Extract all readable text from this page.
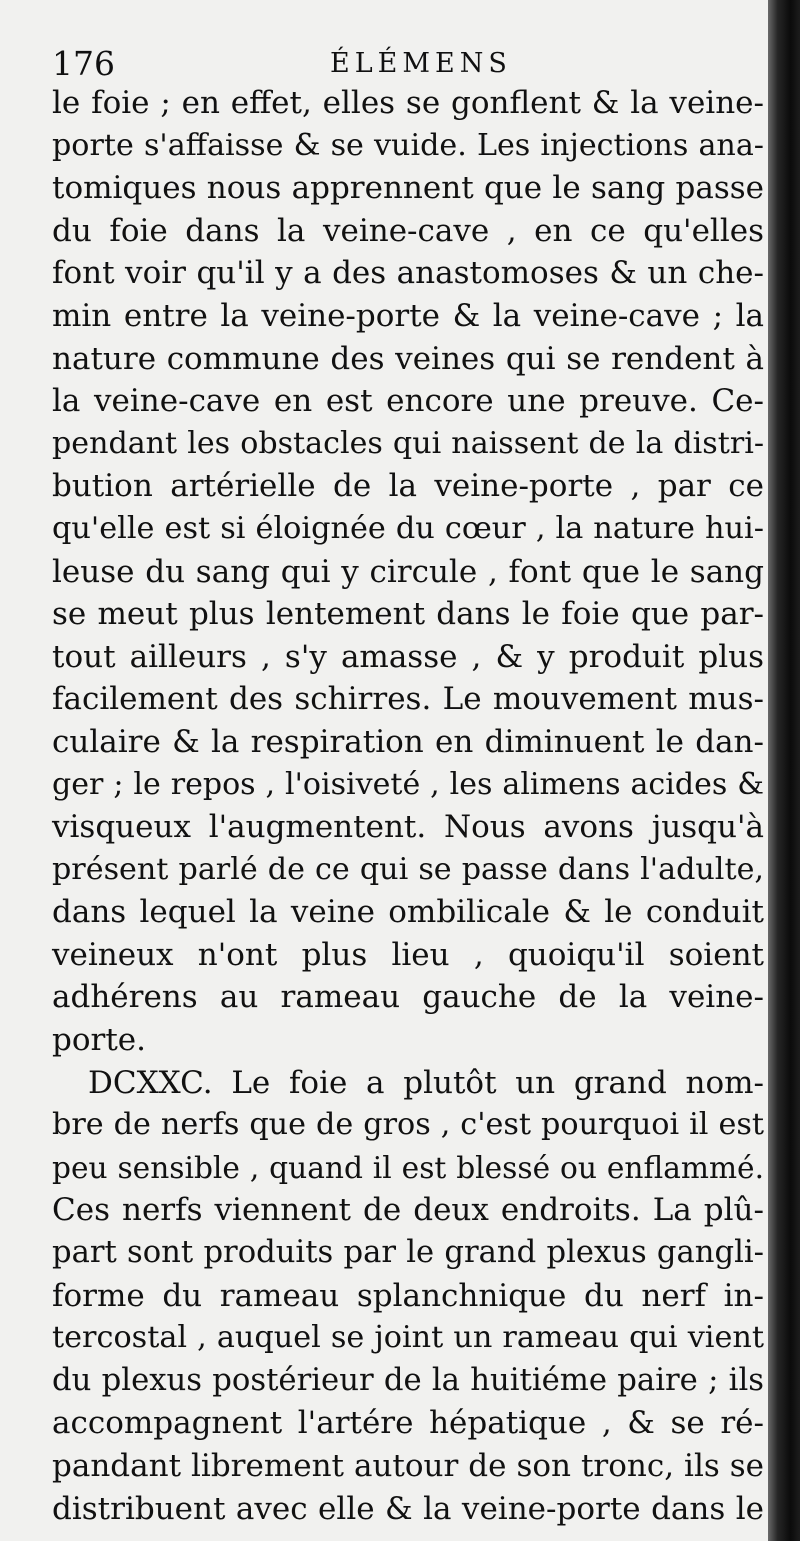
176	ÉLÉMENS
le foie ; en effet, elles se gonflent & la veine-
porte s'affaisse & se vuide. Les injections ana-
tomiques nous apprennent que le sang passe
du foie dans la veine-cave , en ce qu'elles
font voir qu'il y a des anastomoses & un che-
min entre la veine-porte & la veine-cave ; la
nature commune des veines qui se rendent à
la veine-cave en est encore une preuve. Ce-
pendant les obstacles qui naissent de la distri-
bution artérielle de la veine-porte , par ce
qu'elle est si éloignée du cœur , la nature hui-
leuse du sang qui y circule , font que le sang
se meut plus lentement dans le foie que par-
tout ailleurs , s'y amasse , & y produit plus
facilement des schirres. Le mouvement mus-
culaire & la respiration en diminuent le dan-
ger ; le repos , l'oisiveté , les alimens acides &
visqueux l'augmentent. Nous avons jusqu'à
présent parlé de ce qui se passe dans l'adulte,
dans lequel la veine ombilicale & le conduit
veineux n'ont plus lieu , quoiqu'il soient
adhérens au rameau gauche de la veine-
porte.
DCXXC. Le foie a plutôt un grand nom-
bre de nerfs que de gros , c'est pourquoi il est
peu sensible , quand il est blessé ou enflammé.
Ces nerfs viennent de deux endroits. La plû-
part sont produits par le grand plexus gangli-
forme du rameau splanchnique du nerf in-
tercostal , auquel se joint un rameau qui vient
du plexus postérieur de la huitiéme paire ; ils
accompagnent l'artére hépatique , & se ré-
pandant librement autour de son tronc, ils se
distribuent avec elle & la veine-porte dans le
